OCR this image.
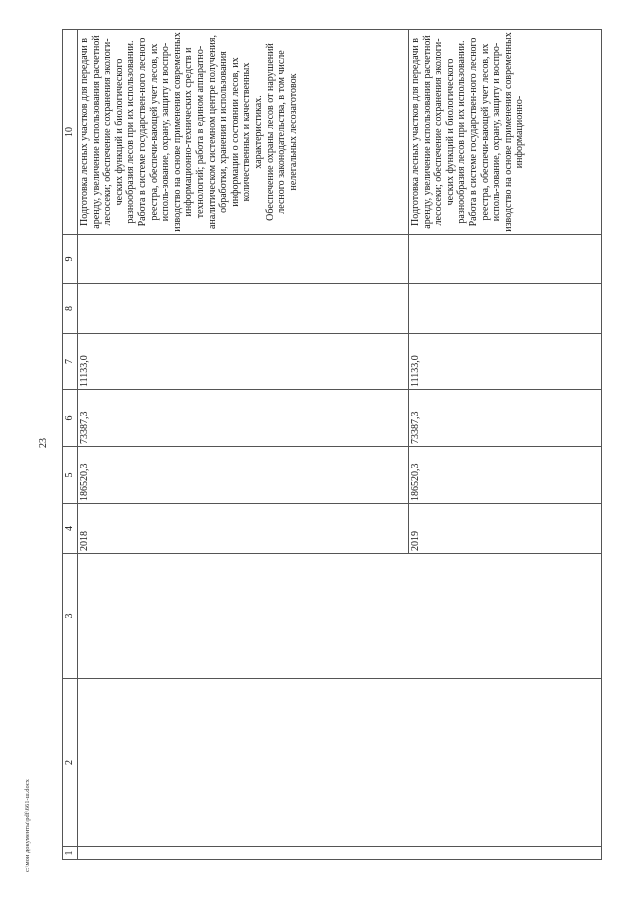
23
1	2	3	4	5	6	7	8	9	10
			2018	186520,3	73387,3	11133,0			Подготовка лесных участков для передачи в аренду, увеличение использования расчетной лесосеки; обеспечение сохранения экологи-ческих функций и биологического разнообразия лесов при их использовании. Работа в системе государствен-ного лесного реестра, обеспечи-вающей учет лесов, их исполь-зование, охрану, защиту и воспро-изводство на основе применения современных информационно-технических средств и технологий; работа в едином аппаратно-аналитическом системном центре получения, обработки, хранения и использования информации о состоянии лесов, их количественных и качественных характеристиках. Обеспечение охраны лесов от нарушений лесного законодательства, в том числе нелегальных лесозаготовок

			2019	186520,3	73387,3	11133,0			Подготовка лесных участков для передачи в аренду, увеличение использования расчетной лесосеки; обеспечение сохранения экологи-ческих функций и биологического разнообразия лесов при их использовании. Работа в системе государствен-ного лесного реестра, обеспечи-вающей учет лесов, их исполь-зование, охрану, защиту и воспро-изводство на основе применения современных информационно-

c:\мои документы\pdf\661-ш.docx
